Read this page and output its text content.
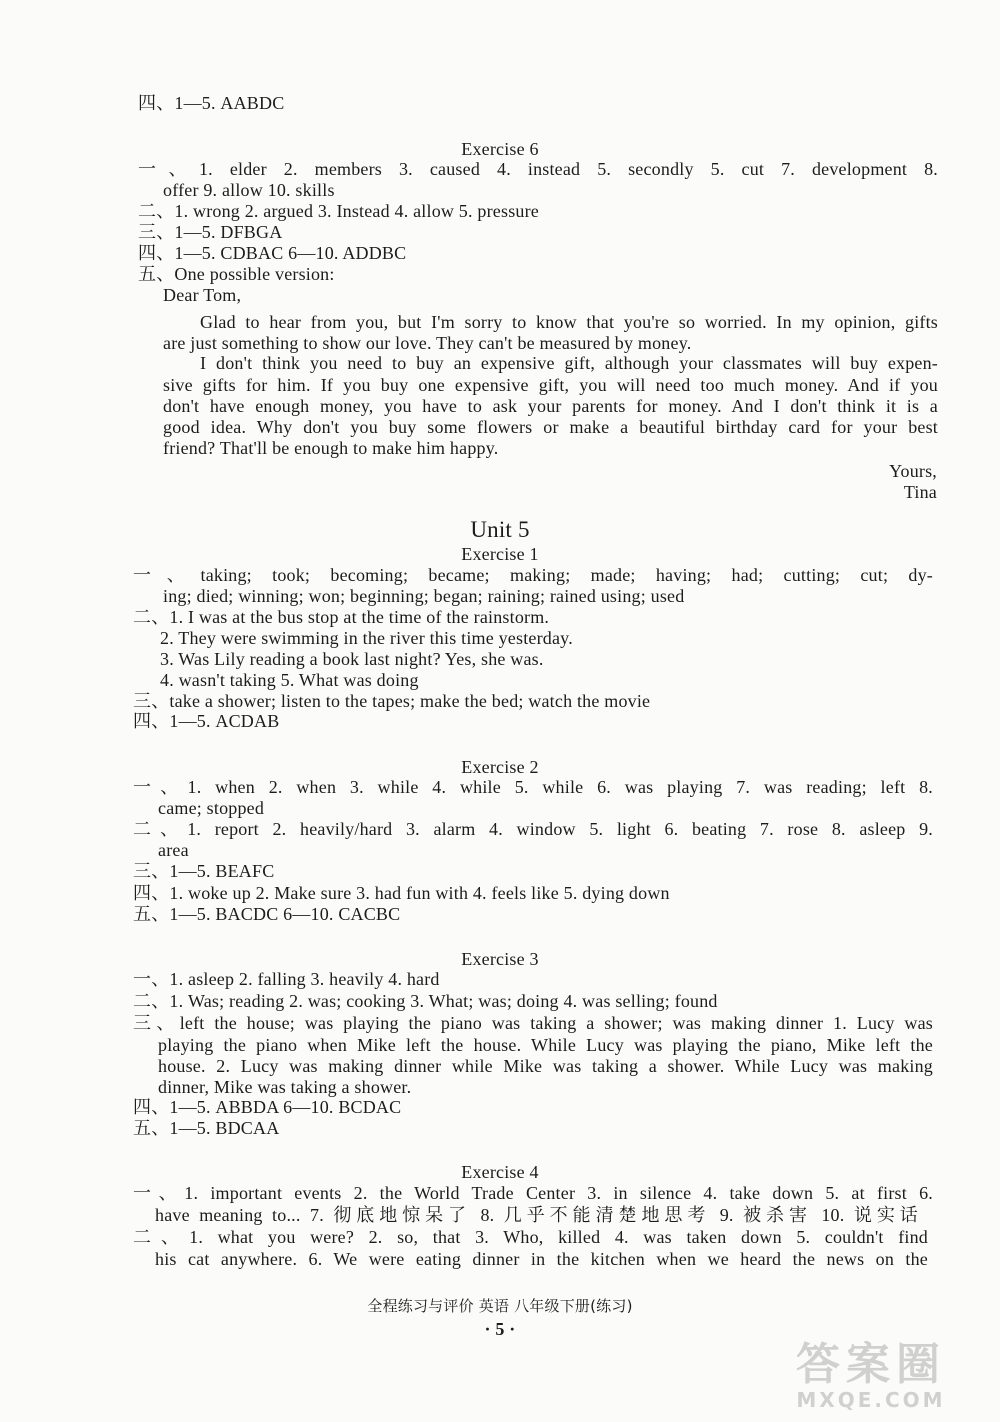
四、1—5. AABDC
Exercise 6
一、1. elder 2. members 3. caused 4. instead 5. secondly 5. cut 7. development 8.
offer 9. allow 10. skills
二、1. wrong 2. argued 3. Instead 4. allow 5. pressure
三、1—5. DFBGA
四、1—5. CDBAC 6—10. ADDBC
五、One possible version:
Dear Tom,
Glad to hear from you, but I'm sorry to know that you're so worried. In my opinion, gifts
are just something to show our love. They can't be measured by money.
I don't think you need to buy an expensive gift, although your classmates will buy expen-
sive gifts for him. If you buy one expensive gift, you will need too much money. And if you
don't have enough money, you have to ask your parents for money. And I don't think it is a
good idea. Why don't you buy some flowers or make a beautiful birthday card for your best
friend? That'll be enough to make him happy.
Yours,
Tina
Unit 5
Exercise 1
一、taking; took; becoming; became; making; made; having; had; cutting; cut; dy-
ing; died; winning; won; beginning; began; raining; rained using; used
二、1. I was at the bus stop at the time of the rainstorm.
2. They were swimming in the river this time yesterday.
3. Was Lily reading a book last night? Yes, she was.
4. wasn't taking 5. What was doing
三、take a shower; listen to the tapes; make the bed; watch the movie
四、1—5. ACDAB
Exercise 2
一、1. when 2. when 3. while 4. while 5. while 6. was playing 7. was reading; left 8.
came; stopped
二、1. report 2. heavily/hard 3. alarm 4. window 5. light 6. beating 7. rose 8. asleep 9.
area
三、1—5. BEAFC
四、1. woke up 2. Make sure 3. had fun with 4. feels like 5. dying down
五、1—5. BACDC 6—10. CACBC
Exercise 3
一、1. asleep 2. falling 3. heavily 4. hard
二、1. Was; reading 2. was; cooking 3. What; was; doing 4. was selling; found
三、left the house; was playing the piano was taking a shower; was making dinner 1. Lucy was
playing the piano when Mike left the house. While Lucy was playing the piano, Mike left the
house. 2. Lucy was making dinner while Mike was taking a shower. While Lucy was making
dinner, Mike was taking a shower.
四、1—5. ABBDA 6—10. BCDAC
五、1—5. BDCAA
Exercise 4
一、1. important events 2. the World Trade Center 3. in silence 4. take down 5. at first 6.
have meaning to... 7. 彻底地惊呆了 8. 几乎不能清楚地思考 9. 被杀害 10. 说实话
二、1. what you were? 2. so, that 3. Who, killed 4. was taken down 5. couldn't find
his cat anywhere. 6. We were eating dinner in the kitchen when we heard the news on the
全程练习与评价 英语 八年级下册(练习)
· 5 ·
答案圈
MXQE.COM
